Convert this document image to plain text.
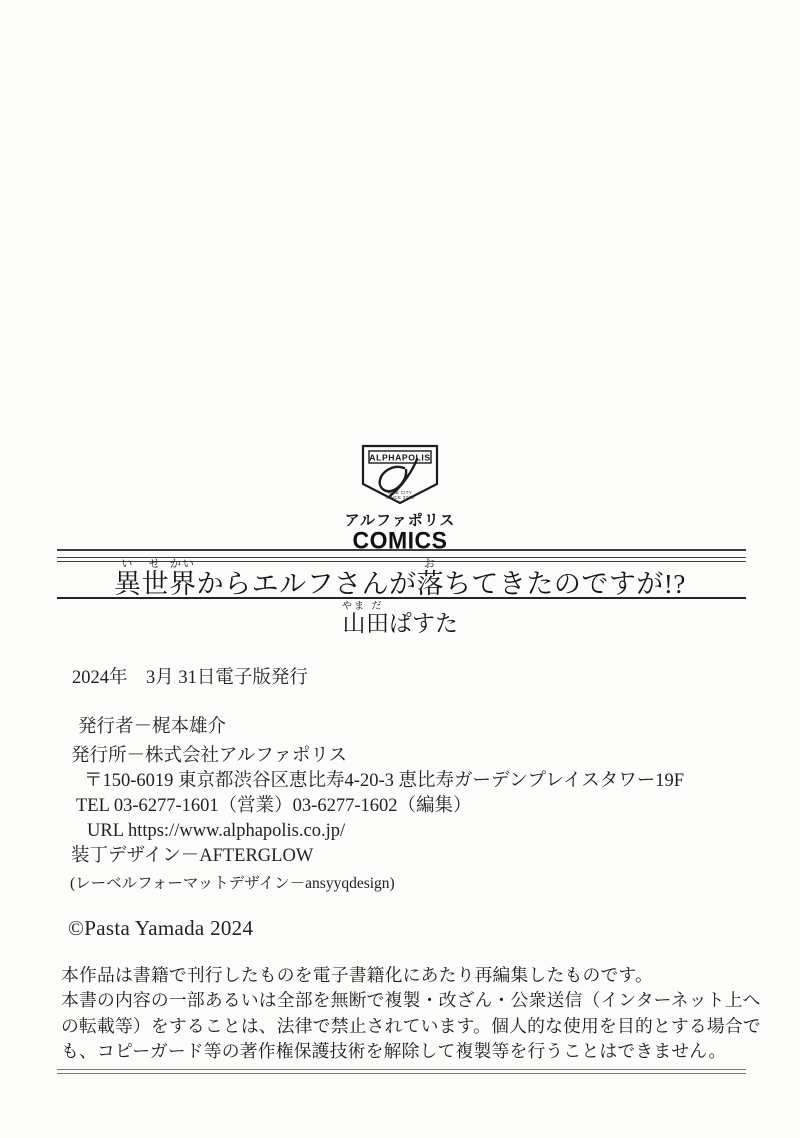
ALPHAPOLIS
WEB CITY
SINCE 2000
アルファポリス
COMICS
異い世せ界かいからエルフさんが落おちてきたのですが!?
山やま田だぱすた
2024年　3月 31日電子版発行
発行者－梶本雄介
発行所－株式会社アルファポリス
〒150-6019 東京都渋谷区恵比寿4-20-3 恵比寿ガーデンプレイスタワー19F
TEL 03-6277-1601（営業）03-6277-1602（編集）
URL https://www.alphapolis.co.jp/
装丁デザイン－AFTERGLOW
(レーベルフォーマットデザイン－ansyyqdesign)
©Pasta Yamada 2024
本作品は書籍で刊行したものを電子書籍化にあたり再編集したものです。
本書の内容の一部あるいは全部を無断で複製・改ざん・公衆送信（インターネット上へ
の転載等）をすることは、法律で禁止されています。個人的な使用を目的とする場合で
も、コピーガード等の著作権保護技術を解除して複製等を行うことはできません。
